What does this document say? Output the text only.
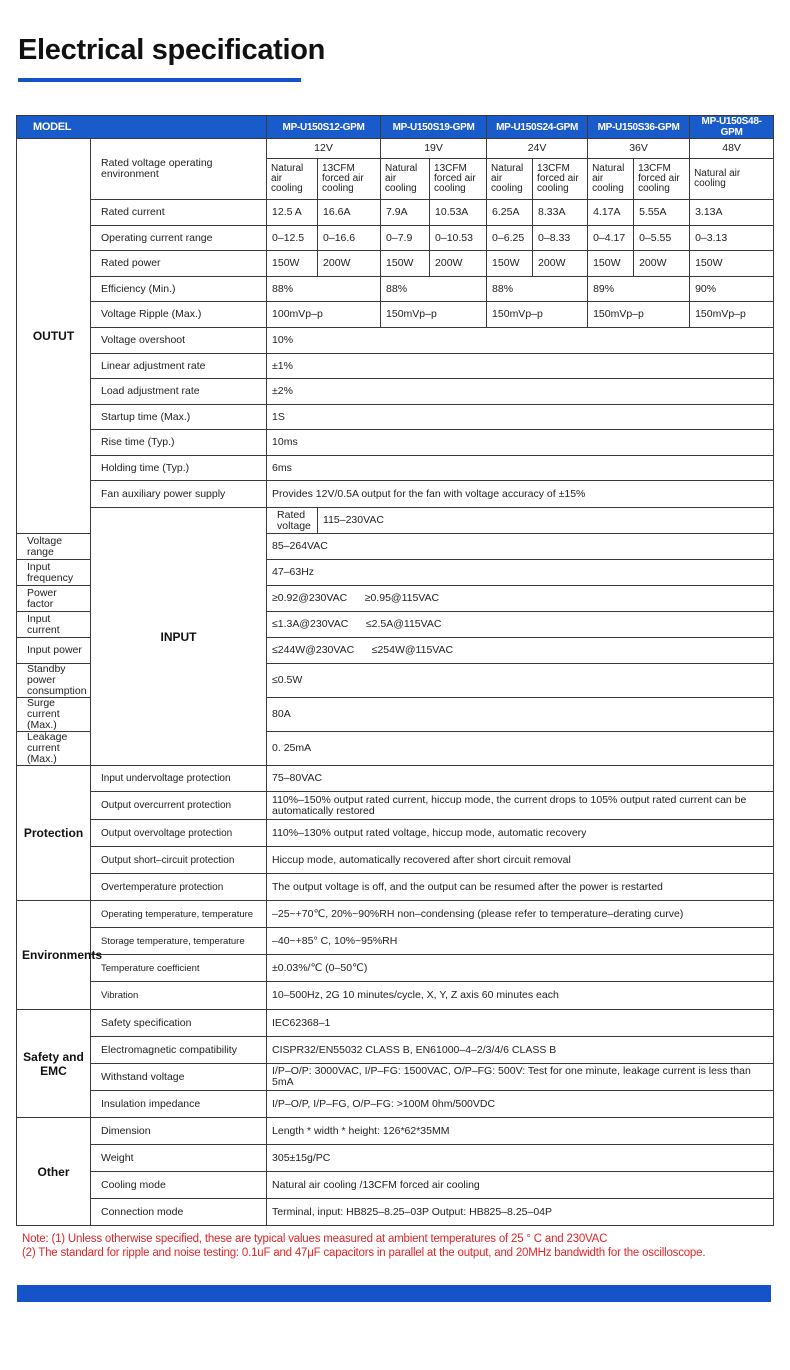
Electrical specification
MODEL		MP-U150S12-GPM		MP-U150S19-GPM		MP-U150S24-GPM		MP-U150S36-GPM		MP-U150S48-GPM
OUTUT	Rated voltage operating environment	12V		19V		24V		36V		48V
		Natural air cooling	13CFM forced air cooling	Natural air cooling	13CFM forced air cooling	Natural air cooling	13CFM forced air cooling	Natural air cooling	13CFM forced air cooling	Natural air cooling
	Rated current	12.5 A	16.6A	7.9A	10.53A	6.25A	8.33A	4.17A	5.55A	3.13A
	Operating current range	0–12.5	0–16.6	0–7.9	0–10.53	0–6.25	0–8.33	0–4.17	0–5.55	0–3.13
	Rated power	150W	200W	150W	200W	150W	200W	150W	200W	150W
	Efficiency (Min.)	88%		88%		88%		89%		90%
	Voltage Ripple (Max.)	100mVp–p		150mVp–p		150mVp–p		150mVp–p		150mVp–p
	Voltage overshoot	10%								
	Linear adjustment rate	±1%								
	Load adjustment rate	±2%								
	Startup time (Max.)	1S								
	Rise time (Typ.)	10ms								
	Holding time (Typ.)	6ms								
	Fan auxiliary power supply	Provides 12V/0.5A output for the fan with voltage accuracy of ±15%								
	INPUT	Rated voltage	115–230VAC							
Voltage range		85–264VAC								
Input frequency		47–63Hz								
Power factor		≥0.92@230VAC      ≥0.95@115VAC								
Input current		≤1.3A@230VAC      ≤2.5A@115VAC								
Input power		≤244W@230VAC      ≤254W@115VAC								
Standby power consumption		≤0.5W								
Surge current (Max.)		80A								
Leakage current (Max.)		0. 25mA								
Protection	Input undervoltage protection	75–80VAC								
	Output overcurrent protection	110%–150% output rated current, hiccup mode, the current drops to 105% output rated current can be automatically restored								
	Output overvoltage protection	110%–130% output rated voltage, hiccup mode, automatic recovery								
	Output short–circuit protection	Hiccup mode, automatically recovered after short circuit removal								
	Overtemperature protection	The output voltage is off, and the output can be resumed after the power is restarted								
Environments	Operating temperature, temperature	–25~+70℃, 20%~90%RH non–condensing (please refer to temperature–derating curve)								
	Storage temperature, temperature	–40~+85° C, 10%~95%RH								
	Temperature coefficient	±0.03%/℃ (0–50℃)								
	Vibration	10–500Hz, 2G 10 minutes/cycle, X, Y, Z axis 60 minutes each								
Safety and EMC	Safety specification	IEC62368–1								
	Electromagnetic compatibility	CISPR32/EN55032 CLASS B, EN61000–4–2/3/4/6 CLASS B								
	Withstand voltage	I/P–O/P: 3000VAC, I/P–FG: 1500VAC, O/P–FG: 500V: Test for one minute, leakage current is less than 5mA								
	Insulation impedance	I/P–O/P, I/P–FG, O/P–FG: >100M 0hm/500VDC								
Other	Dimension	Length * width * height: 126*62*35MM								
	Weight	305±15g/PC								
	Cooling mode	Natural air cooling /13CFM forced air cooling								
	Connection mode	Terminal, input: HB825–8.25–03P Output: HB825–8.25–04P								
Note: (1) Unless otherwise specified, these are typical values measured at ambient temperatures of 25 ° C and 230VAC
(2) The standard for ripple and noise testing: 0.1uF and 47μF capacitors in parallel at the output, and 20MHz bandwidth for the oscilloscope.
